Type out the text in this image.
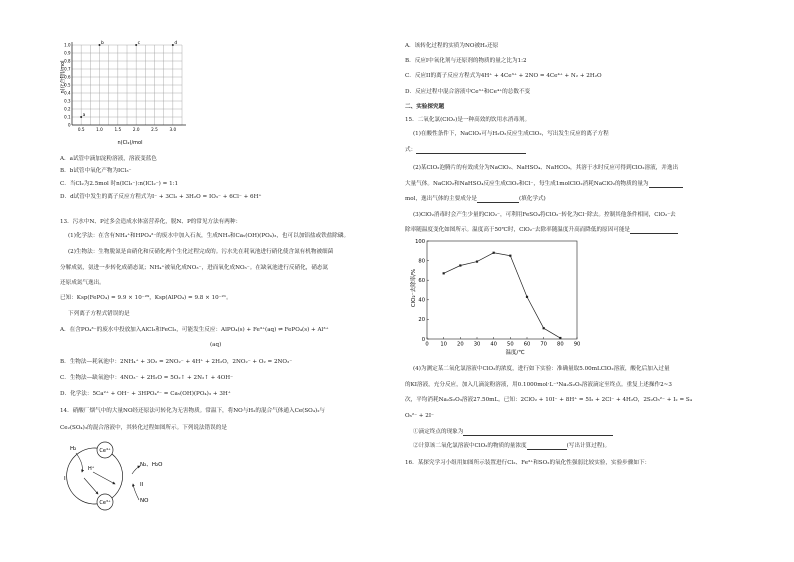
1.0
0.9
0.8
0.7
0.6
0.5
0.4
0.3
0.2
0.1
0
0.5	1.0	1.5	2.0	2.5	3.0
a
b	c	d
n(化合物)/mol
n(Cl₂)/mol
A．a试管中滴加淀粉溶液，溶液变蓝色
B．b试管中氧化产物为ICl₃⁻
C．当Cl₂为2.5mol 时n(ICl₃⁻):n(ICl₂⁻) = 1:1
D．d试管中发生的离子反应方程式为I⁻ + 3Cl₂ + 3H₂O = IO₃⁻ + 6Cl⁻ + 6H⁺
13．污水中N、P过多会造成水体富营养化，脱N、P的常见方法有两种：
(1)化学法：在含有NH₄⁺和HPO₄²⁻的废水中加入石灰，生成NH₃和Ca₅(OH)(PO₄)₃，也可以加铝盐或铁盐除磷。
(2)生物法：生物脱氮是由硝化和反硝化两个生化过程完成的。污水先在耗氧池进行硝化使含氮有机物被细菌
分解成氨，氨进一步转化成硝态氮；NH₄⁺被氧化成NO₃⁻，进而氧化成NO₃⁻。在缺氧池进行反硝化，硝态氮
还原成氮气逸出。
已知：Ksp(FePO₄) = 9.9 × 10⁻²⁹，Ksp(AlPO₄) = 9.8 × 10⁻²¹。
下列离子方程式错误的是
A．在含PO₄³⁻的废水中投放加入AlCl₃和FeCl₃，可能发生反应：AlPO₄(s) + Fe³⁺(aq) ⇌ FePO₄(s) + Al³⁺
(aq)
B．生物法—耗氧池中：2NH₄⁺ + 3O₂ = 2NO₂⁻ + 4H⁺ + 2H₂O，2NO₂⁻ + O₂ = 2NO₃⁻
C．生物法—缺氧池中：4NO₃⁻ + 2H₂O = 5O₂↑ + 2N₂↑ + 4OH⁻
D．化学法：5Ca²⁺ + OH⁻ + 3HPO₄²⁻ = Ca₅(OH)(PO₄)₃ + 3H⁺
14．硝酸厂烟气中的大量NO经还原法可转化为无害物质。常温下，将NO与H₂的混合气体通入Ce(SO₄)₂与
Ce₂(SO₄)₃的混合溶液中，其转化过程如图所示。下列说法错误的是
Ce⁴⁺
Ce³⁺
H₂
H⁺
I
N₂、H₂O
II
NO
A．该转化过程的实质为NO被H₂还原
B．反应I中氧化剂与还原剂的物质的量之比为1:2
C．反应II的离子反应方程式为4H⁺ + 4Ce³⁺ + 2NO = 4Ce⁴⁺ + N₂ + 2H₂O
D．反应过程中混合溶液中Ce³⁺和Ce⁴⁺的总数不变
二、实验探究题
15．二氧化氯(ClO₂)是一种高效的饮用水消毒剂。
(1)在酸性条件下，NaClO₃可与H₂O₂反应生成ClO₂，写出发生反应的离子方程
式：
(2)某ClO₂泡腾片的有效成分为NaClO₂、NaHSO₄、NaHCO₃，其溶于水时反应可得到ClO₂溶液，并逸出
大量气体。NaClO₂和NaHSO₄反应生成ClO₂和Cl⁻，每生成1molClO₂消耗NaClO₂的物质的量为
mol，逸出气体的主要成分是	(填化学式)
(3)ClO₂消毒时会产生少量的ClO₂⁻，可利用FeSO₄将ClO₂⁻转化为Cl⁻除去。控制其他条件相同，ClO₂⁻去
除率随温度变化如图所示。温度高于50℃时，ClO₂⁻去除率随温度升高而降低的原因可能是
0
20
40
60
80
100
0 10 20 30 40 50 60 70 80 90
ClO₂⁻去除率/%
温度/℃
(4)为测定某二氧化氯溶液中ClO₂的浓度，进行如下实验：准确量取5.00mLClO₂溶液，酸化后加入过量
的KI溶液，充分反应，加入几滴淀粉溶液，用0.1000mol·L⁻¹Na₂S₂O₃溶液滴定至终点。重复上述操作2~3
次，平均消耗Na₂S₂O₃溶液27.50mL。已知：2ClO₂ + 10I⁻ + 8H⁺ = 5I₂ + 2Cl⁻ + 4H₂O，2S₂O₃²⁻ + I₂ = S₄
O₆²⁻ + 2I⁻
①滴定终点的现象为
②计算该二氧化氯溶液中ClO₂的物质的量浓度	(写出计算过程)。
16．某探究学习小组用如图所示装置进行Cl₂、Fe³⁺和SO₂的氧化性强弱比较实验，实验步骤如下：
